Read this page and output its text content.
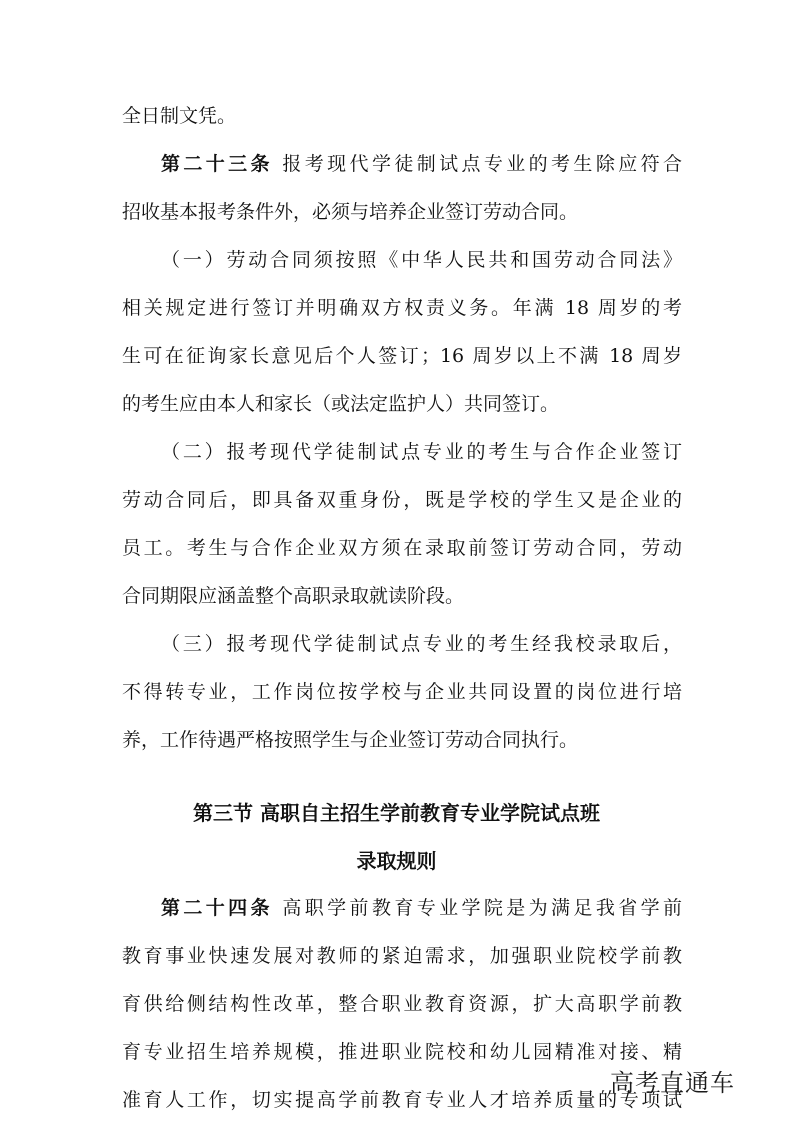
全日制文凭。
第二十三条 报考现代学徒制试点专业的考生除应符合
招收基本报考条件外，必须与培养企业签订劳动合同。
（一）劳动合同须按照《中华人民共和国劳动合同法》
相关规定进行签订并明确双方权责义务。年满 18 周岁的考
生可在征询家长意见后个人签订；16 周岁以上不满 18 周岁
的考生应由本人和家长（或法定监护人）共同签订。
（二）报考现代学徒制试点专业的考生与合作企业签订
劳动合同后，即具备双重身份，既是学校的学生又是企业的
员工。考生与合作企业双方须在录取前签订劳动合同，劳动
合同期限应涵盖整个高职录取就读阶段。
（三）报考现代学徒制试点专业的考生经我校录取后，
不得转专业，工作岗位按学校与企业共同设置的岗位进行培
养，工作待遇严格按照学生与企业签订劳动合同执行。
第三节 高职自主招生学前教育专业学院试点班
录取规则
第二十四条 高职学前教育专业学院是为满足我省学前
教育事业快速发展对教师的紧迫需求，加强职业院校学前教
育供给侧结构性改革，整合职业教育资源，扩大高职学前教
育专业招生培养规模，推进职业院校和幼儿园精准对接、精
准育人工作，切实提高学前教育专业人才培养质量的专项试
高考直通车
